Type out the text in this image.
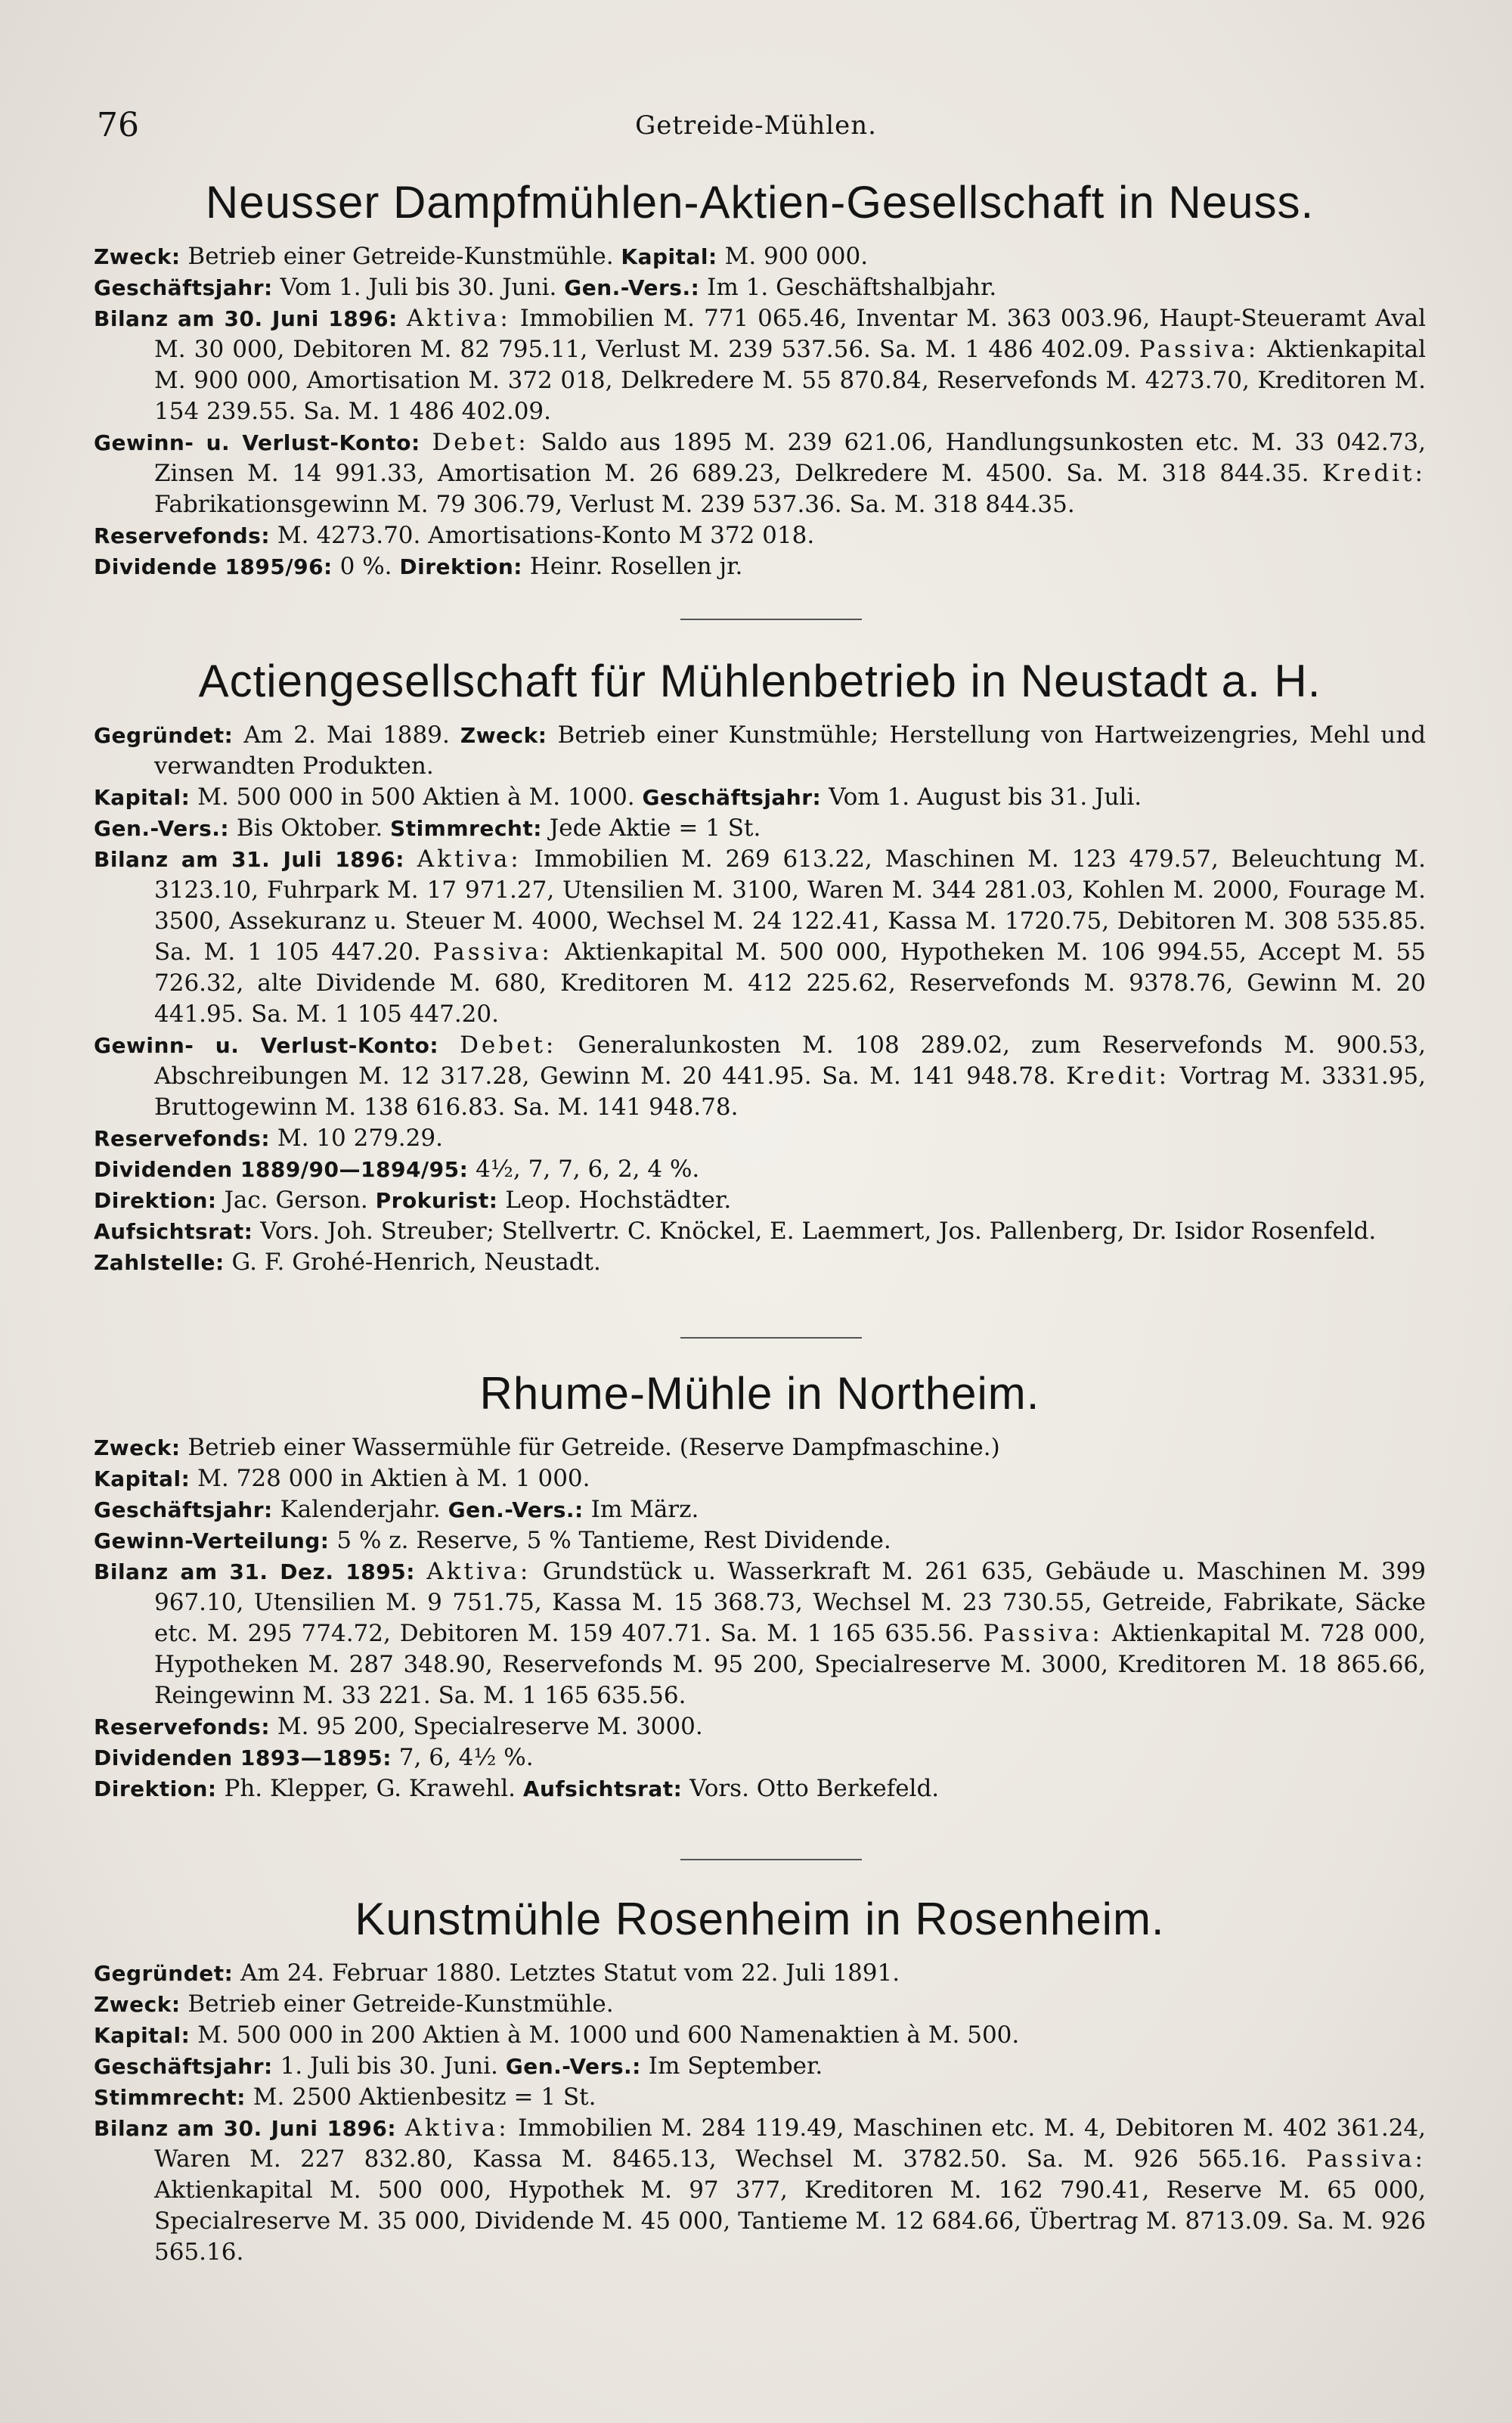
76	Getreide-Mühlen.
Neusser Dampfmühlen-Aktien-Gesellschaft in Neuss.

Zweck: Betrieb einer Getreide-Kunstmühle. Kapital: M. 900 000.

Geschäftsjahr: Vom 1. Juli bis 30. Juni. Gen.-Vers.: Im 1. Geschäftshalbjahr.

Bilanz am 30. Juni 1896: Aktiva: Immobilien M. 771 065.46, Inventar M. 363 003.96, Haupt-Steueramt Aval M. 30 000, Debitoren M. 82 795.11, Verlust M. 239 537.56. Sa. M. 1 486 402.09. Passiva: Aktienkapital M. 900 000, Amortisation M. 372 018, Delkredere M. 55 870.84, Reservefonds M. 4273.70, Kreditoren M. 154 239.55. Sa. M. 1 486 402.09.

Gewinn- u. Verlust-Konto: Debet: Saldo aus 1895 M. 239 621.06, Handlungsunkosten etc. M. 33 042.73, Zinsen M. 14 991.33, Amortisation M. 26 689.23, Delkredere M. 4500. Sa. M. 318 844.35. Kredit: Fabrikationsgewinn M. 79 306.79, Verlust M. 239 537.36. Sa. M. 318 844.35.

Reservefonds: M. 4273.70. Amortisations-Konto M 372 018.

Dividende 1895/96: 0 %. Direktion: Heinr. Rosellen jr.

Actiengesellschaft für Mühlenbetrieb in Neustadt a. H.

Gegründet: Am 2. Mai 1889. Zweck: Betrieb einer Kunstmühle; Herstellung von Hartweizengries, Mehl und verwandten Produkten.

Kapital: M. 500 000 in 500 Aktien à M. 1000. Geschäftsjahr: Vom 1. August bis 31. Juli.

Gen.-Vers.: Bis Oktober. Stimmrecht: Jede Aktie = 1 St.

Bilanz am 31. Juli 1896: Aktiva: Immobilien M. 269 613.22, Maschinen M. 123 479.57, Beleuchtung M. 3123.10, Fuhrpark M. 17 971.27, Utensilien M. 3100, Waren M. 344 281.03, Kohlen M. 2000, Fourage M. 3500, Assekuranz u. Steuer M. 4000, Wechsel M. 24 122.41, Kassa M. 1720.75, Debitoren M. 308 535.85. Sa. M. 1 105 447.20. Passiva: Aktienkapital M. 500 000, Hypotheken M. 106 994.55, Accept M. 55 726.32, alte Dividende M. 680, Kreditoren M. 412 225.62, Reservefonds M. 9378.76, Gewinn M. 20 441.95. Sa. M. 1 105 447.20.

Gewinn- u. Verlust-Konto: Debet: Generalunkosten M. 108 289.02, zum Reservefonds M. 900.53, Abschreibungen M. 12 317.28, Gewinn M. 20 441.95. Sa. M. 141 948.78. Kredit: Vortrag M. 3331.95, Bruttogewinn M. 138 616.83. Sa. M. 141 948.78.

Reservefonds: M. 10 279.29.

Dividenden 1889/90—1894/95: 4½, 7, 7, 6, 2, 4 %.

Direktion: Jac. Gerson. Prokurist: Leop. Hochstädter.

Aufsichtsrat: Vors. Joh. Streuber; Stellvertr. C. Knöckel, E. Laemmert, Jos. Pallenberg, Dr. Isidor Rosenfeld.

Zahlstelle: G. F. Grohé-Henrich, Neustadt.

Rhume-Mühle in Northeim.

Zweck: Betrieb einer Wassermühle für Getreide. (Reserve Dampfmaschine.)

Kapital: M. 728 000 in Aktien à M. 1 000.

Geschäftsjahr: Kalenderjahr. Gen.-Vers.: Im März.

Gewinn-Verteilung: 5 % z. Reserve, 5 % Tantieme, Rest Dividende.

Bilanz am 31. Dez. 1895: Aktiva: Grundstück u. Wasserkraft M. 261 635, Gebäude u. Maschinen M. 399 967.10, Utensilien M. 9 751.75, Kassa M. 15 368.73, Wechsel M. 23 730.55, Getreide, Fabrikate, Säcke etc. M. 295 774.72, Debitoren M. 159 407.71. Sa. M. 1 165 635.56. Passiva: Aktienkapital M. 728 000, Hypotheken M. 287 348.90, Reservefonds M. 95 200, Specialreserve M. 3000, Kreditoren M. 18 865.66, Reingewinn M. 33 221. Sa. M. 1 165 635.56.

Reservefonds: M. 95 200, Specialreserve M. 3000.

Dividenden 1893—1895: 7, 6, 4½ %.

Direktion: Ph. Klepper, G. Krawehl. Aufsichtsrat: Vors. Otto Berkefeld.

Kunstmühle Rosenheim in Rosenheim.

Gegründet: Am 24. Februar 1880. Letztes Statut vom 22. Juli 1891.

Zweck: Betrieb einer Getreide-Kunstmühle.

Kapital: M. 500 000 in 200 Aktien à M. 1000 und 600 Namenaktien à M. 500.

Geschäftsjahr: 1. Juli bis 30. Juni. Gen.-Vers.: Im September.

Stimmrecht: M. 2500 Aktienbesitz = 1 St.

Bilanz am 30. Juni 1896: Aktiva: Immobilien M. 284 119.49, Maschinen etc. M. 4, Debitoren M. 402 361.24, Waren M. 227 832.80, Kassa M. 8465.13, Wechsel M. 3782.50. Sa. M. 926 565.16. Passiva: Aktienkapital M. 500 000, Hypothek M. 97 377, Kreditoren M. 162 790.41, Reserve M. 65 000, Specialreserve M. 35 000, Dividende M. 45 000, Tantieme M. 12 684.66, Übertrag M. 8713.09. Sa. M. 926 565.16.
